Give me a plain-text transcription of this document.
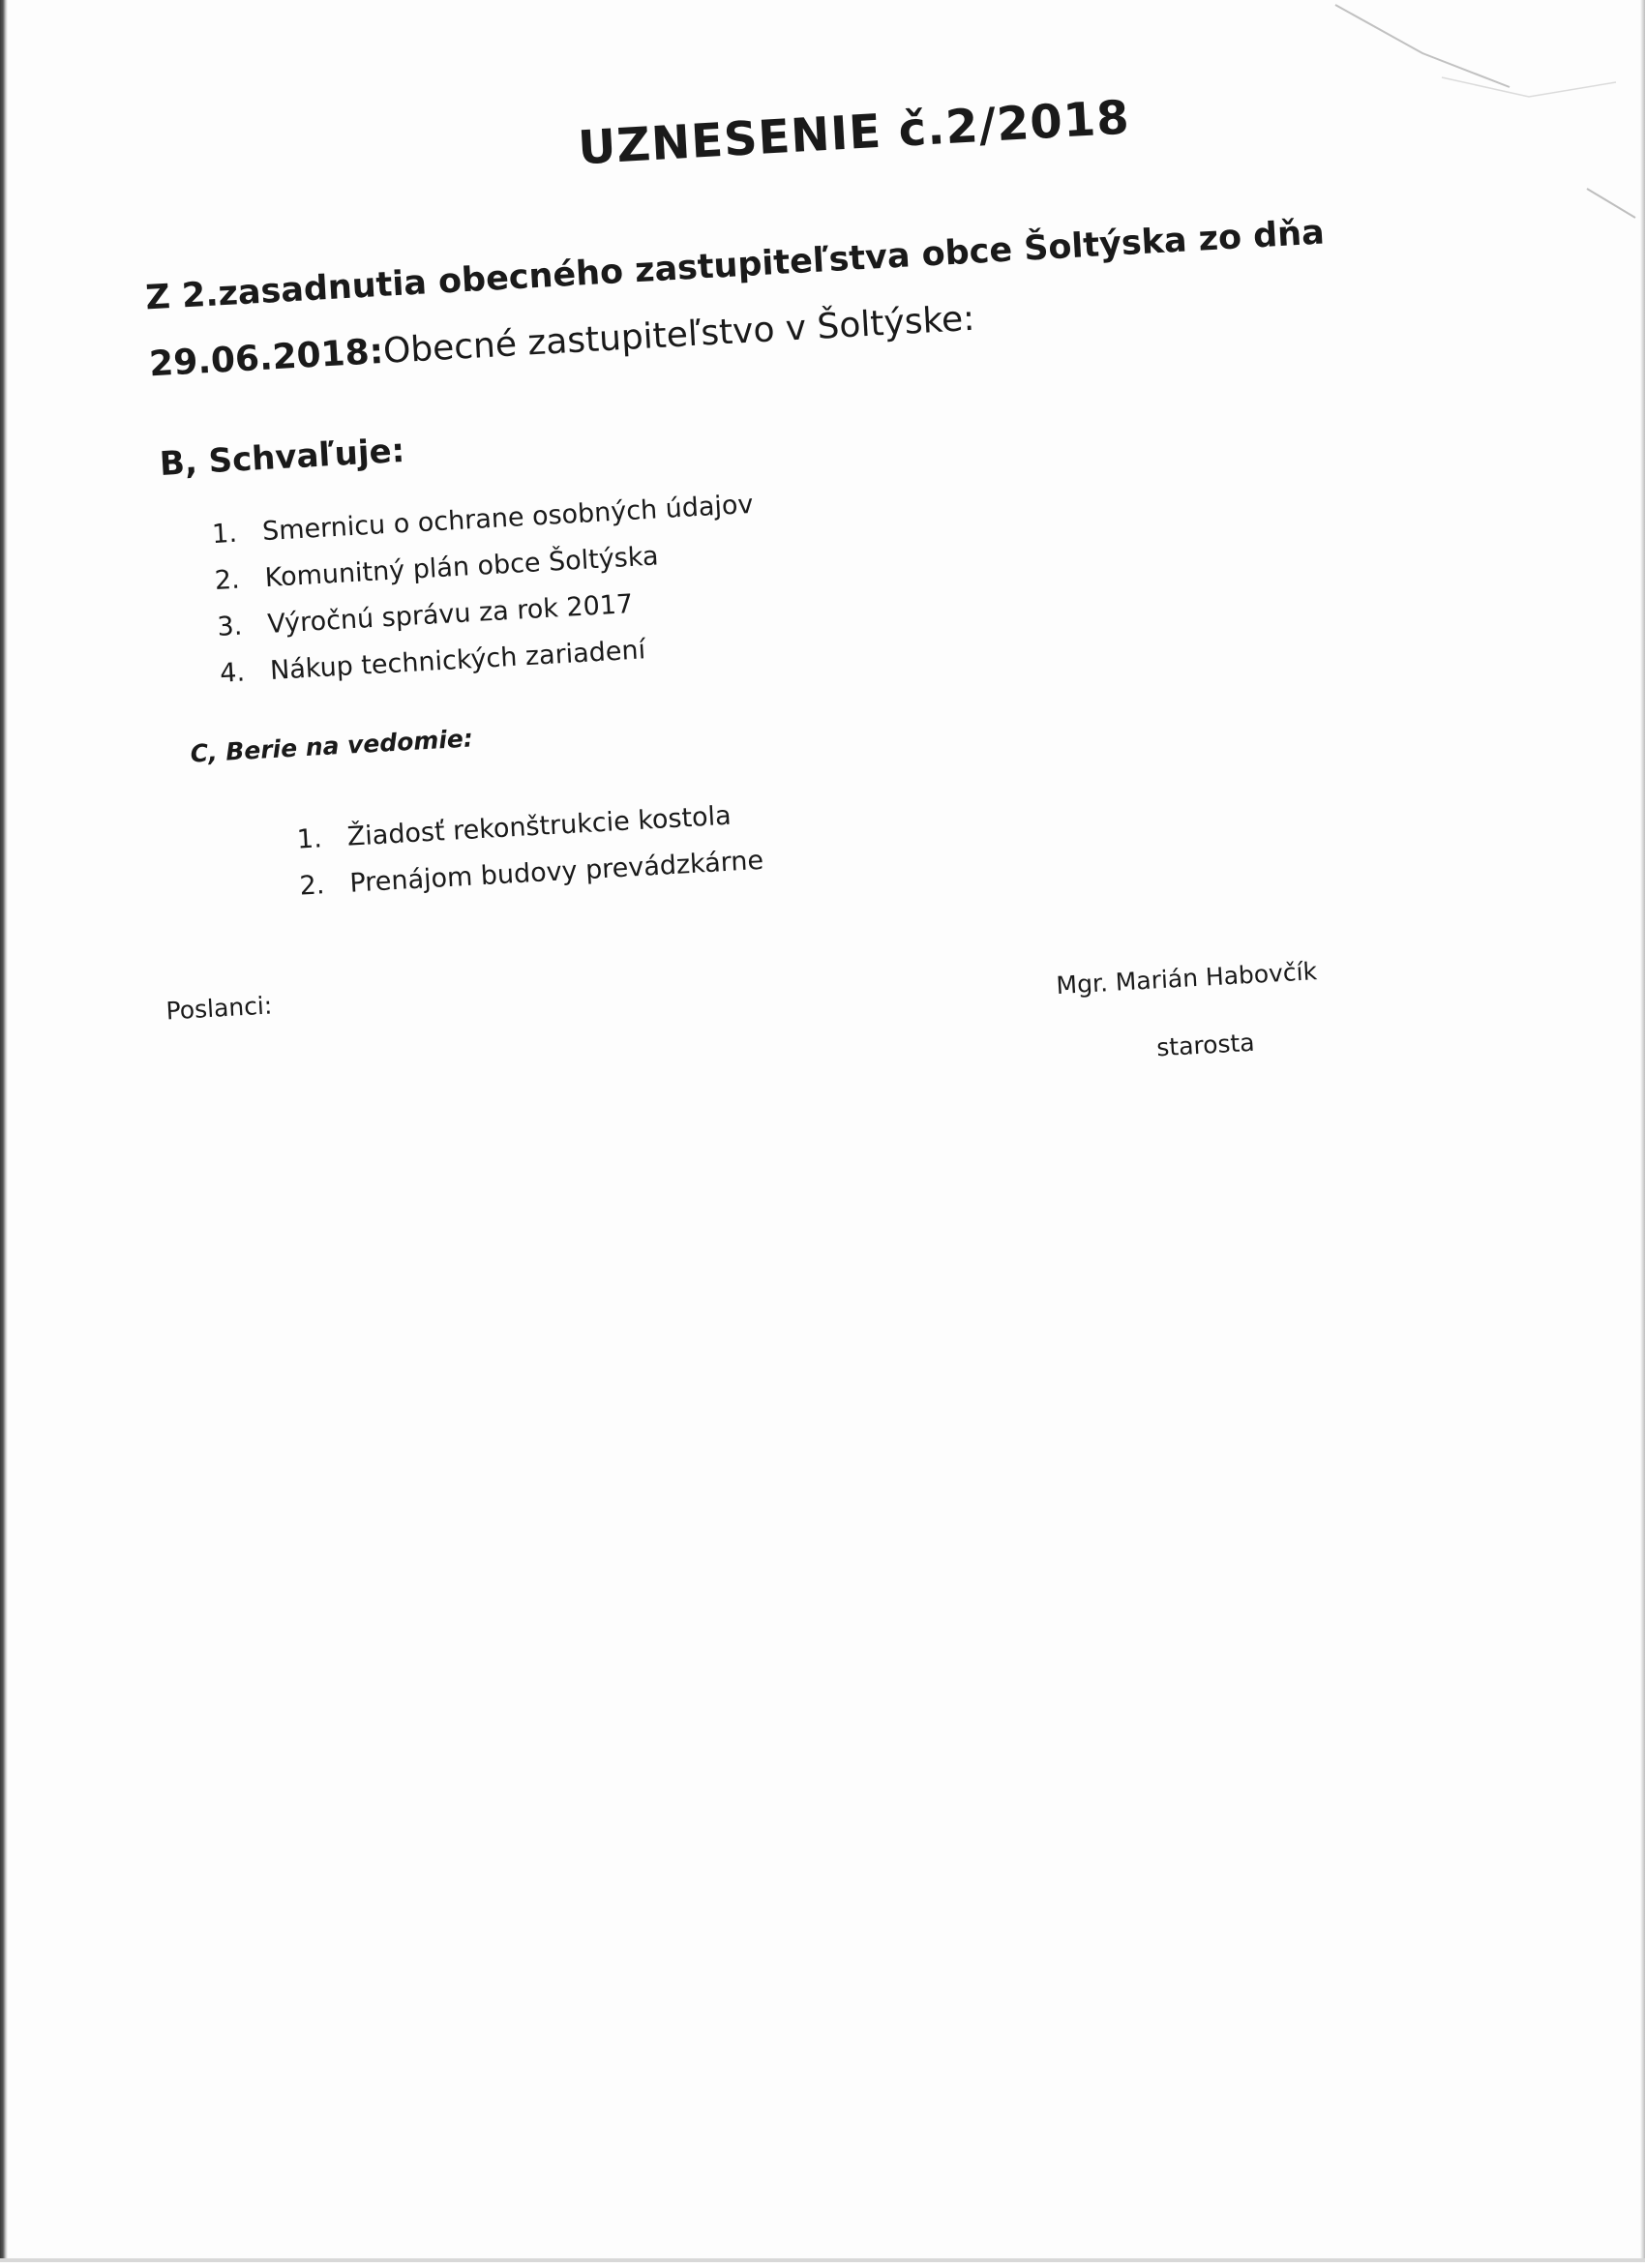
UZNESENIE č.2/2018
Z 2.zasadnutia obecného zastupiteľstva obce Šoltýska zo dňa
29.06.2018:Obecné zastupiteľstvo v Šoltýske:
B, Schvaľuje:
1. Smernicu o ochrane osobných údajov
2. Komunitný plán obce Šoltýska
3. Výročnú správu za rok 2017
4. Nákup technických zariadení
C, Berie na vedomie:
1. Žiadosť rekonštrukcie kostola
2. Prenájom budovy prevádzkárne
Mgr. Marián Habovčík
starosta
Poslanci:
